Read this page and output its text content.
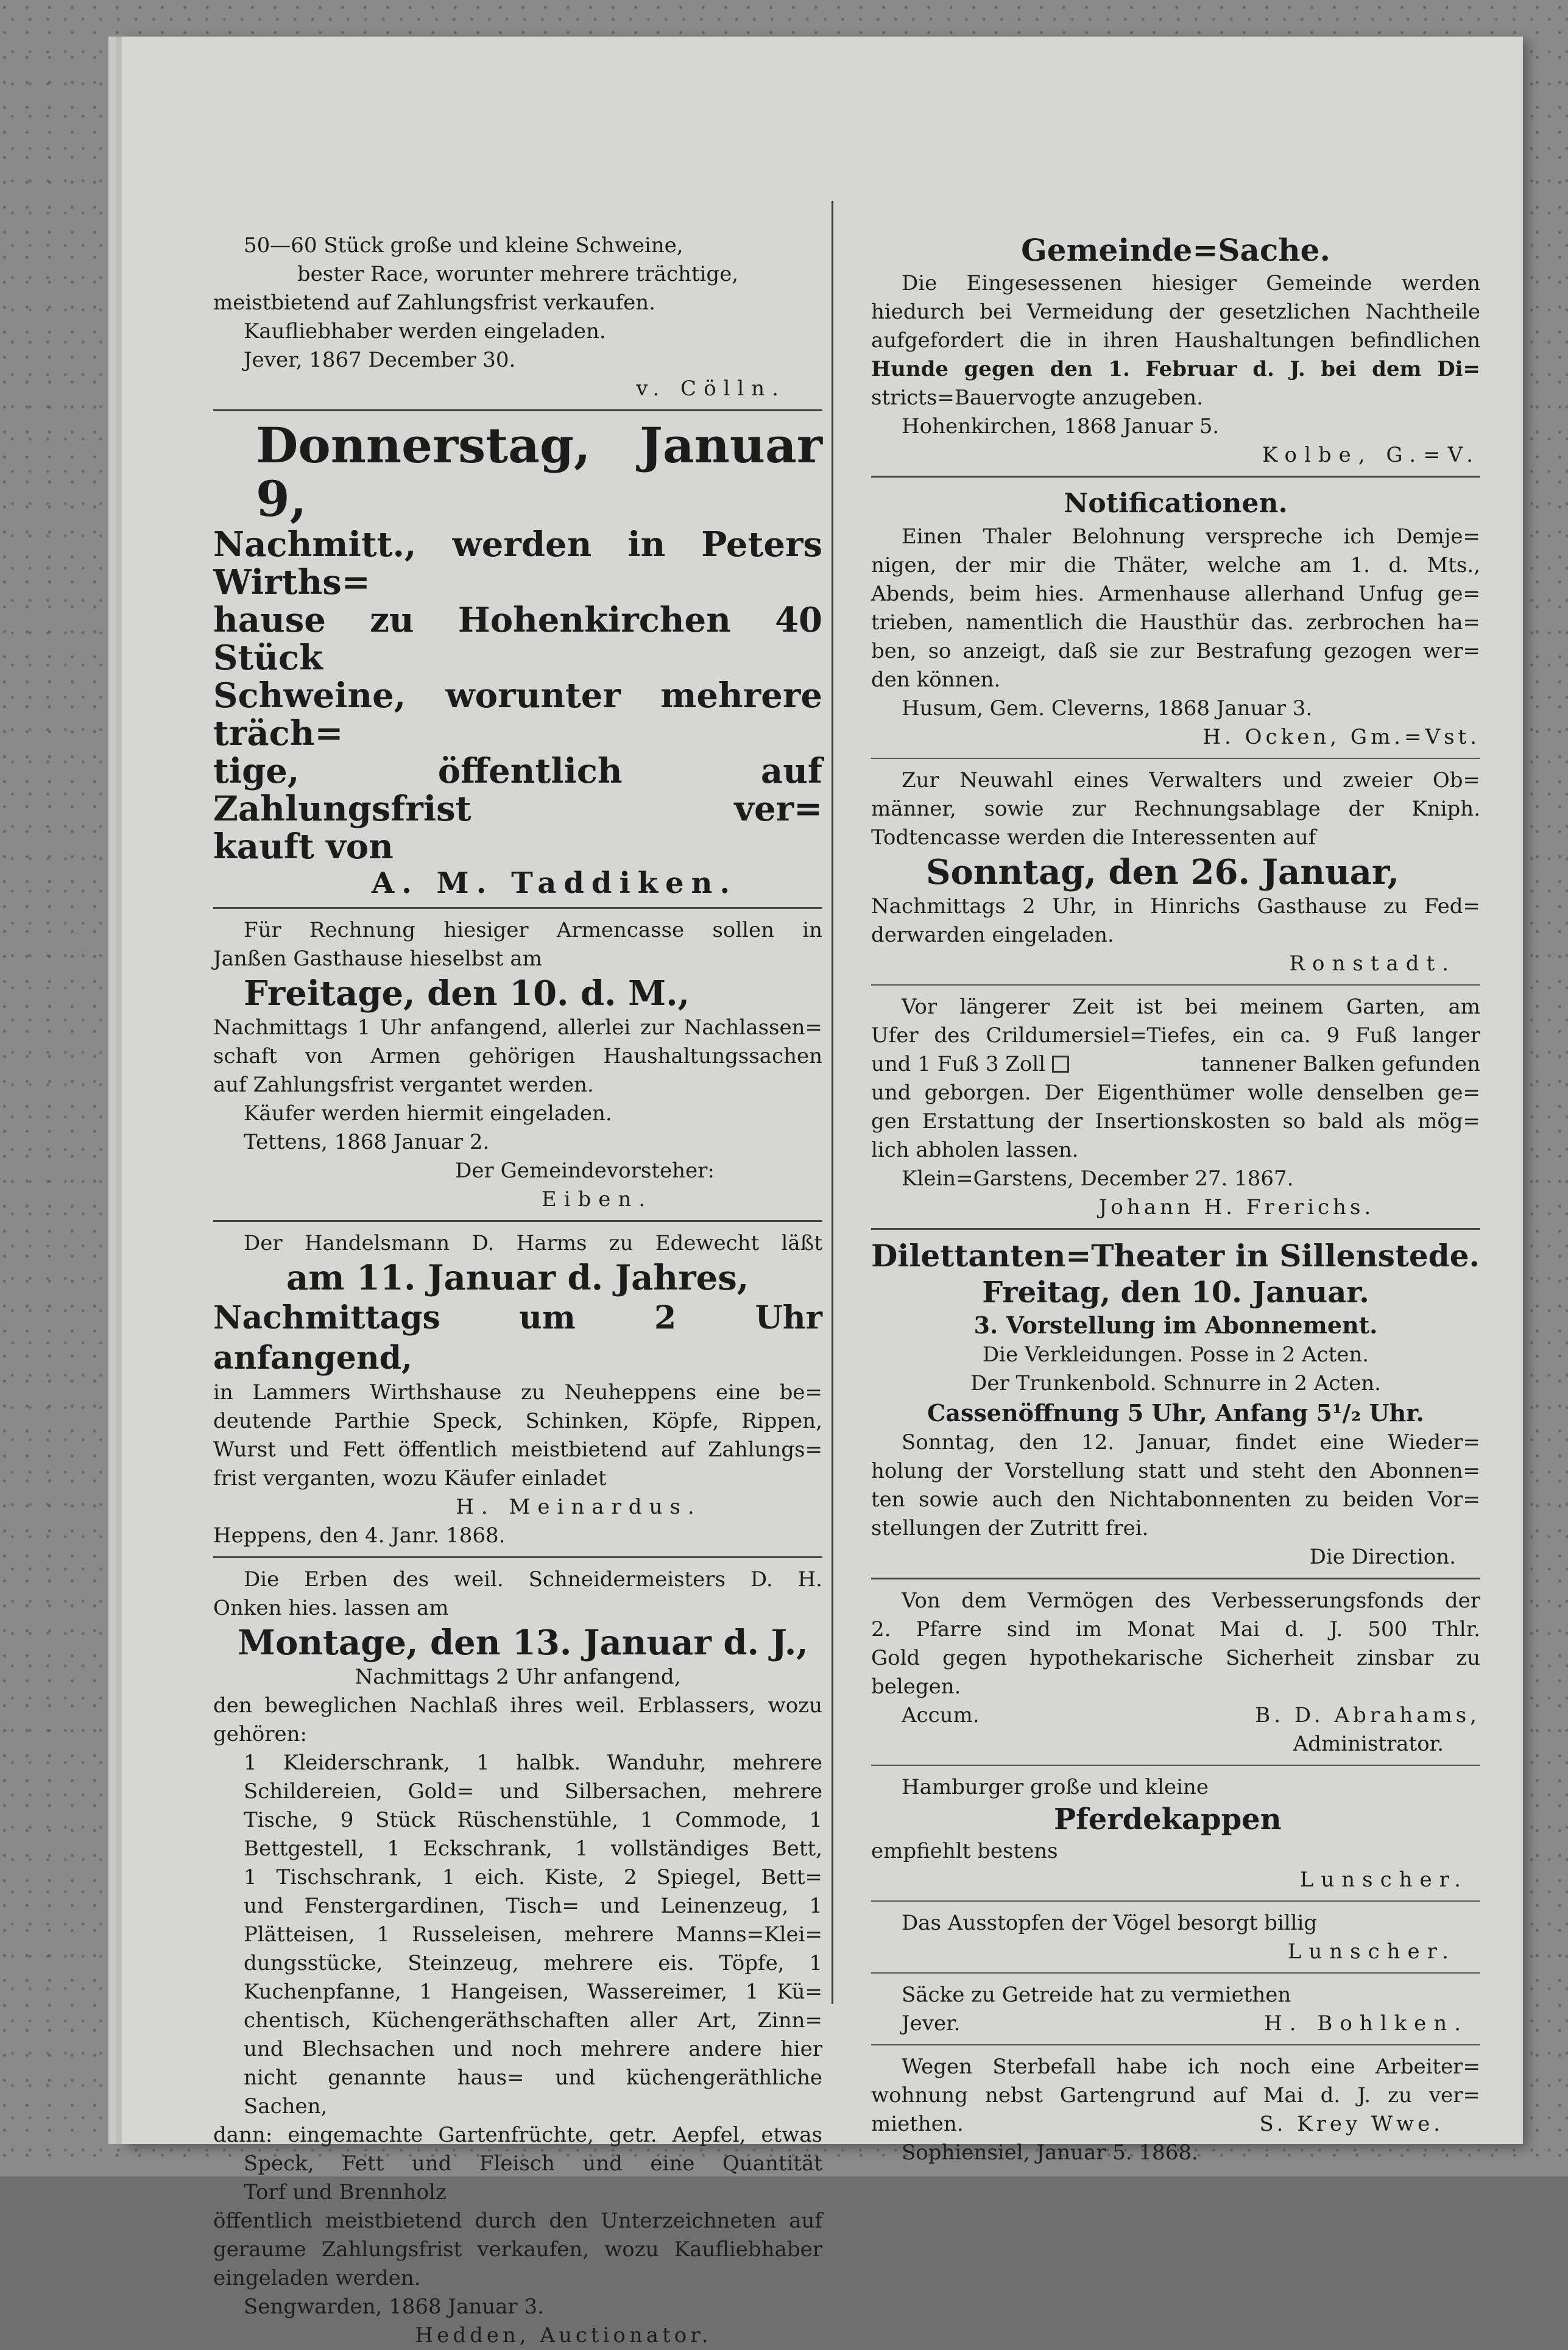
50—60 Stück große und kleine Schweine,

bester Race, worunter mehrere trächtige,

meistbietend auf Zahlungsfrist verkaufen.

Kaufliebhaber werden eingeladen.

Jever, 1867 December 30.

v. Cölln.

Donnerstag, Januar 9,

Nachmitt., werden in Peters Wirths=

hause zu Hohenkirchen 40 Stück

Schweine, worunter mehrere träch=

tige, öffentlich auf Zahlungsfrist ver=

kauft von

A. M. Taddiken.

Für Rechnung hiesiger Armencasse sollen in

Janßen Gasthause hieselbst am

Freitage, den 10. d. M.,

Nachmittags 1 Uhr anfangend, allerlei zur Nachlassen=

schaft von Armen gehörigen Haushaltungssachen

auf Zahlungsfrist vergantet werden.

Käufer werden hiermit eingeladen.

Tettens, 1868 Januar 2.

Der Gemeindevorsteher:

Eiben.

Der Handelsmann D. Harms zu Edewecht läßt

am 11. Januar d. Jahres,

Nachmittags um 2 Uhr anfangend,

in Lammers Wirthshause zu Neuheppens eine be=

deutende Parthie Speck, Schinken, Köpfe, Rippen,

Wurst und Fett öffentlich meistbietend auf Zahlungs=

frist verganten, wozu Käufer einladet

H. Meinardus.

Heppens, den 4. Janr. 1868.

Die Erben des weil. Schneidermeisters D. H.

Onken hies. lassen am

Montage, den 13. Januar d. J.,

Nachmittags 2 Uhr anfangend,

den beweglichen Nachlaß ihres weil. Erblassers, wozu

gehören:

1 Kleiderschrank, 1 halbk. Wanduhr, mehrere

Schildereien, Gold= und Silbersachen, mehrere

Tische, 9 Stück Rüschenstühle, 1 Commode, 1

Bettgestell, 1 Eckschrank, 1 vollständiges Bett,

1 Tischschrank, 1 eich. Kiste, 2 Spiegel, Bett=

und Fenstergardinen, Tisch= und Leinenzeug, 1

Plätteisen, 1 Russeleisen, mehrere Manns=Klei=

dungsstücke, Steinzeug, mehrere eis. Töpfe, 1

Kuchenpfanne, 1 Hangeisen, Wassereimer, 1 Kü=

chentisch, Küchengeräthschaften aller Art, Zinn=

und Blechsachen und noch mehrere andere hier

nicht genannte haus= und küchengeräthliche

Sachen,

dann: eingemachte Gartenfrüchte, getr. Aepfel, etwas

Speck, Fett und Fleisch und eine Quantität

Torf und Brennholz

öffentlich meistbietend durch den Unterzeichneten auf

geraume Zahlungsfrist verkaufen, wozu Kaufliebhaber

eingeladen werden.

Sengwarden, 1868 Januar 3.

Hedden, Auctionator.

Gemeinde=Sache.

Die Eingesessenen hiesiger Gemeinde werden

hiedurch bei Vermeidung der gesetzlichen Nachtheile

aufgefordert die in ihren Haushaltungen befindlichen

Hunde gegen den 1. Februar d. J. bei dem Di=

stricts=Bauervogte anzugeben.

Hohenkirchen, 1868 Januar 5.

Kolbe, G.=V.

Notificationen.

Einen Thaler Belohnung verspreche ich Demje=

nigen, der mir die Thäter, welche am 1. d. Mts.,

Abends, beim hies. Armenhause allerhand Unfug ge=

trieben, namentlich die Hausthür das. zerbrochen ha=

ben, so anzeigt, daß sie zur Bestrafung gezogen wer=

den können.

Husum, Gem. Cleverns, 1868 Januar 3.

H. Ocken, Gm.=Vst.

Zur Neuwahl eines Verwalters und zweier Ob=

männer, sowie zur Rechnungsablage der Kniph.

Todtencasse werden die Interessenten auf

Sonntag, den 26. Januar,

Nachmittags 2 Uhr, in Hinrichs Gasthause zu Fed=

derwarden eingeladen.

Ronstadt.

Vor längerer Zeit ist bei meinem Garten, am

Ufer des Crildumersiel=Tiefes, ein ca. 9 Fuß langer

und 1 Fuß 3 Zoll	tannener Balken gefunden

und geborgen. Der Eigenthümer wolle denselben ge=

gen Erstattung der Insertionskosten so bald als mög=

lich abholen lassen.

Klein=Garstens, December 27. 1867.

Johann H. Frerichs.

Dilettanten=Theater in Sillenstede.

Freitag, den 10. Januar.

3. Vorstellung im Abonnement.

Die Verkleidungen. Posse in 2 Acten.

Der Trunkenbold. Schnurre in 2 Acten.

Cassenöffnung 5 Uhr, Anfang 5¹/₂ Uhr.

Sonntag, den 12. Januar, findet eine Wieder=

holung der Vorstellung statt und steht den Abonnen=

ten sowie auch den Nichtabonnenten zu beiden Vor=

stellungen der Zutritt frei.

Die Direction.

Von dem Vermögen des Verbesserungsfonds der

2. Pfarre sind im Monat Mai d. J. 500 Thlr.

Gold gegen hypothekarische Sicherheit zinsbar zu

belegen.

Accum.	B. D. Abrahams,

Administrator.

Hamburger große und kleine

Pferdekappen

empfiehlt bestens

Lunscher.

Das Ausstopfen der Vögel besorgt billig

Lunscher.

Säcke zu Getreide hat zu vermiethen

Jever.	H. Bohlken.

Wegen Sterbefall habe ich noch eine Arbeiter=

wohnung nebst Gartengrund auf Mai d. J. zu ver=

miethen.	S. Krey Wwe.

Sophiensiel, Januar 5. 1868.
